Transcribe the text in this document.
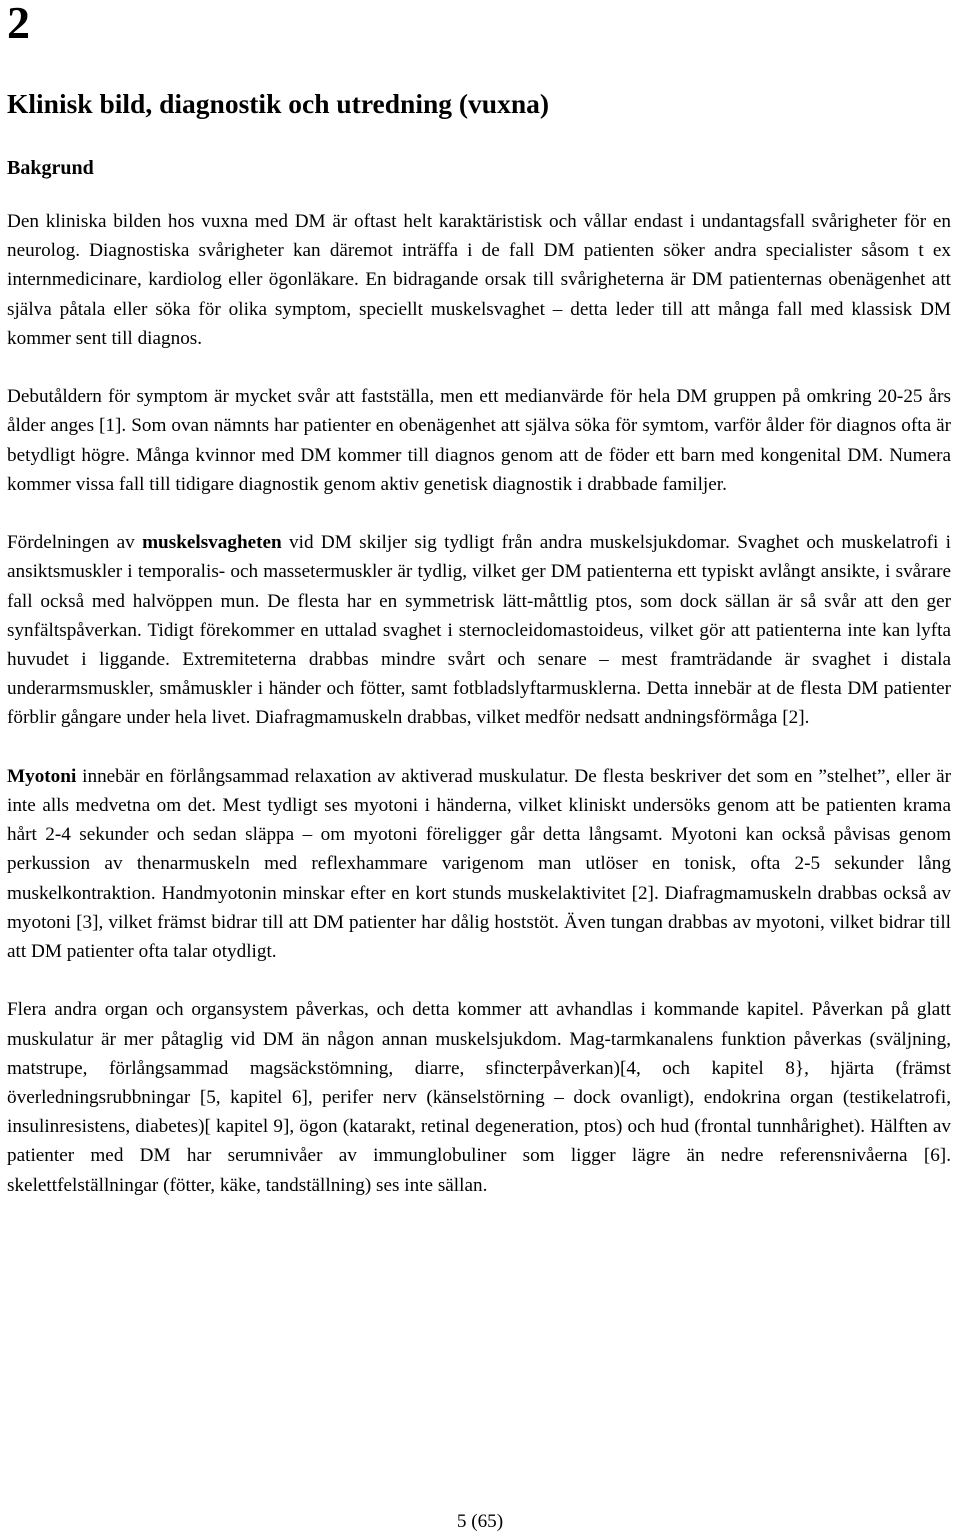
2
Klinisk bild, diagnostik och utredning (vuxna)
Bakgrund

Den kliniska bilden hos vuxna med DM är oftast helt karaktäristisk och vållar endast i undantagsfall svårigheter för en neurolog. Diagnostiska svårigheter kan däremot inträffa i de fall DM patienten söker andra specialister såsom t ex internmedicinare, kardiolog eller ögonläkare. En bidragande orsak till svårigheterna är DM patienternas obenägenhet att själva påtala eller söka för olika symptom, speciellt muskelsvaghet – detta leder till att många fall med klassisk DM kommer sent till diagnos.

Debutåldern för symptom är mycket svår att fastställa, men ett medianvärde för hela DM gruppen på omkring 20-25 års ålder anges [1]. Som ovan nämnts har patienter en obenägenhet att själva söka för symtom, varför ålder för diagnos ofta är betydligt högre. Många kvinnor med DM kommer till diagnos genom att de föder ett barn med kongenital DM. Numera kommer vissa fall till tidigare diagnostik genom aktiv genetisk diagnostik i drabbade familjer.

Fördelningen av muskelsvagheten vid DM skiljer sig tydligt från andra muskelsjukdomar. Svaghet och muskelatrofi i ansiktsmuskler i temporalis- och massetermuskler är tydlig, vilket ger DM patienterna ett typiskt avlångt ansikte, i svårare fall också med halvöppen mun. De flesta har en symmetrisk lätt-måttlig ptos, som dock sällan är så svår att den ger synfältspåverkan. Tidigt förekommer en uttalad svaghet i sternocleidomastoideus, vilket gör att patienterna inte kan lyfta huvudet i liggande. Extremiteterna drabbas mindre svårt och senare – mest framträdande är svaghet i distala underarmsmuskler, småmuskler i händer och fötter, samt fotbladslyftarmusklerna. Detta innebär at de flesta DM patienter förblir gångare under hela livet. Diafragmamuskeln drabbas, vilket medför nedsatt andningsförmåga [2].

Myotoni innebär en förlångsammad relaxation av aktiverad muskulatur. De flesta beskriver det som en ”stelhet”, eller är inte alls medvetna om det. Mest tydligt ses myotoni i händerna, vilket kliniskt undersöks genom att be patienten krama hårt 2-4 sekunder och sedan släppa – om myotoni föreligger går detta långsamt. Myotoni kan också påvisas genom perkussion av thenarmuskeln med reflexhammare varigenom man utlöser en tonisk, ofta 2-5 sekunder lång muskelkontraktion. Handmyotonin minskar efter en kort stunds muskelaktivitet [2]. Diafragmamuskeln drabbas också av myotoni [3], vilket främst bidrar till att DM patienter har dålig hoststöt. Även tungan drabbas av myotoni, vilket bidrar till att DM patienter ofta talar otydligt.

Flera andra organ och organsystem påverkas, och detta kommer att avhandlas i kommande kapitel. Påverkan på glatt muskulatur är mer påtaglig vid DM än någon annan muskelsjukdom. Mag-tarmkanalens funktion påverkas (sväljning, matstrupe, förlångsammad magsäckstömning, diarre, sfincterpåverkan)[4, och kapitel 8}, hjärta (främst överledningsrubbningar [5, kapitel 6], perifer nerv (känselstörning – dock ovanligt), endokrina organ (testikelatrofi, insulinresistens, diabetes)[ kapitel 9], ögon (katarakt, retinal degeneration, ptos) och hud (frontal tunnhårighet). Hälften av patienter med DM har serumnivåer av immunglobuliner som ligger lägre än nedre referensnivåerna [6]. skelettfelställningar (fötter, käke, tandställning) ses inte sällan.

5 (65)
